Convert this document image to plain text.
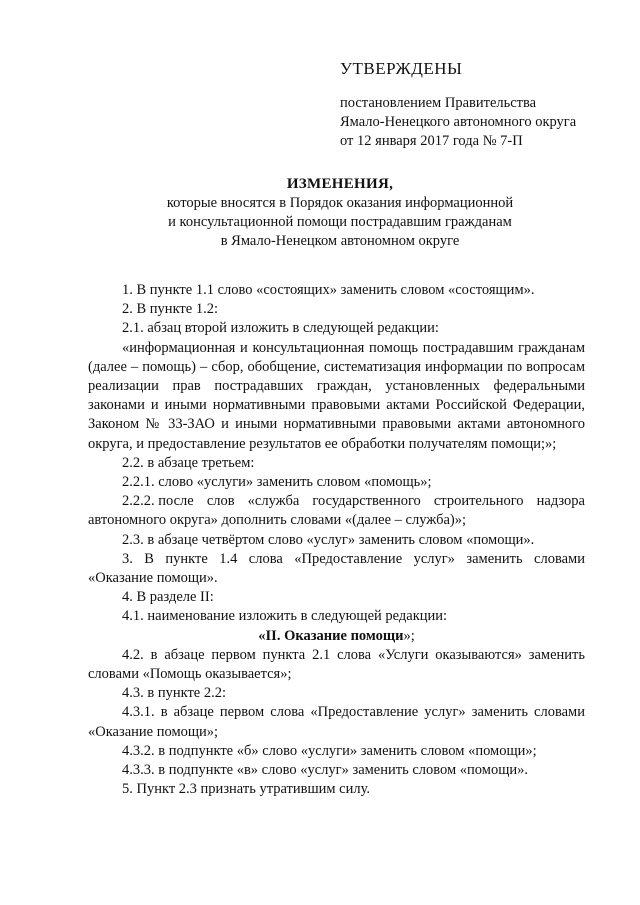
УТВЕРЖДЕНЫ
постановлением Правительства
Ямало-Ненецкого автономного округа
от 12 января 2017 года № 7-П
ИЗМЕНЕНИЯ,
которые вносятся в Порядок оказания информационной
и консультационной помощи пострадавшим гражданам
в Ямало-Ненецком автономном округе

1. В пункте 1.1 слово «состоящих» заменить словом «состоящим».

2. В пункте 1.2:

2.1. абзац второй изложить в следующей редакции:

«информационная и консультационная помощь пострадавшим гражданам (далее – помощь) – сбор, обобщение, систематизация информации по вопросам реализации прав пострадавших граждан, установленных федеральными законами и иными нормативными правовыми актами Российской Федерации, Законом № 33-ЗАО и иными нормативными правовыми актами автономного округа, и предоставление результатов ее обработки получателям помощи;»;

2.2. в абзаце третьем:

2.2.1. слово «услуги» заменить словом «помощь»;

2.2.2. после слов «служба государственного строительного надзора

автономного округа» дополнить словами «(далее – служба)»;

2.3. в абзаце четвёртом слово «услуг» заменить словом «помощи».

3. В пункте 1.4 слова «Предоставление услуг» заменить словами «Оказание помощи».

4. В разделе II:

4.1. наименование изложить в следующей редакции:

«II. Оказание помощи»;

4.2. в абзаце первом пункта 2.1 слова «Услуги оказываются» заменить словами «Помощь оказывается»;

4.3. в пункте 2.2:

4.3.1. в абзаце первом слова «Предоставление услуг» заменить словами «Оказание помощи»;

4.3.2. в подпункте «б» слово «услуги» заменить словом «помощи»;

4.3.3. в подпункте «в» слово «услуг» заменить словом «помощи».

5. Пункт 2.3 признать утратившим силу.
